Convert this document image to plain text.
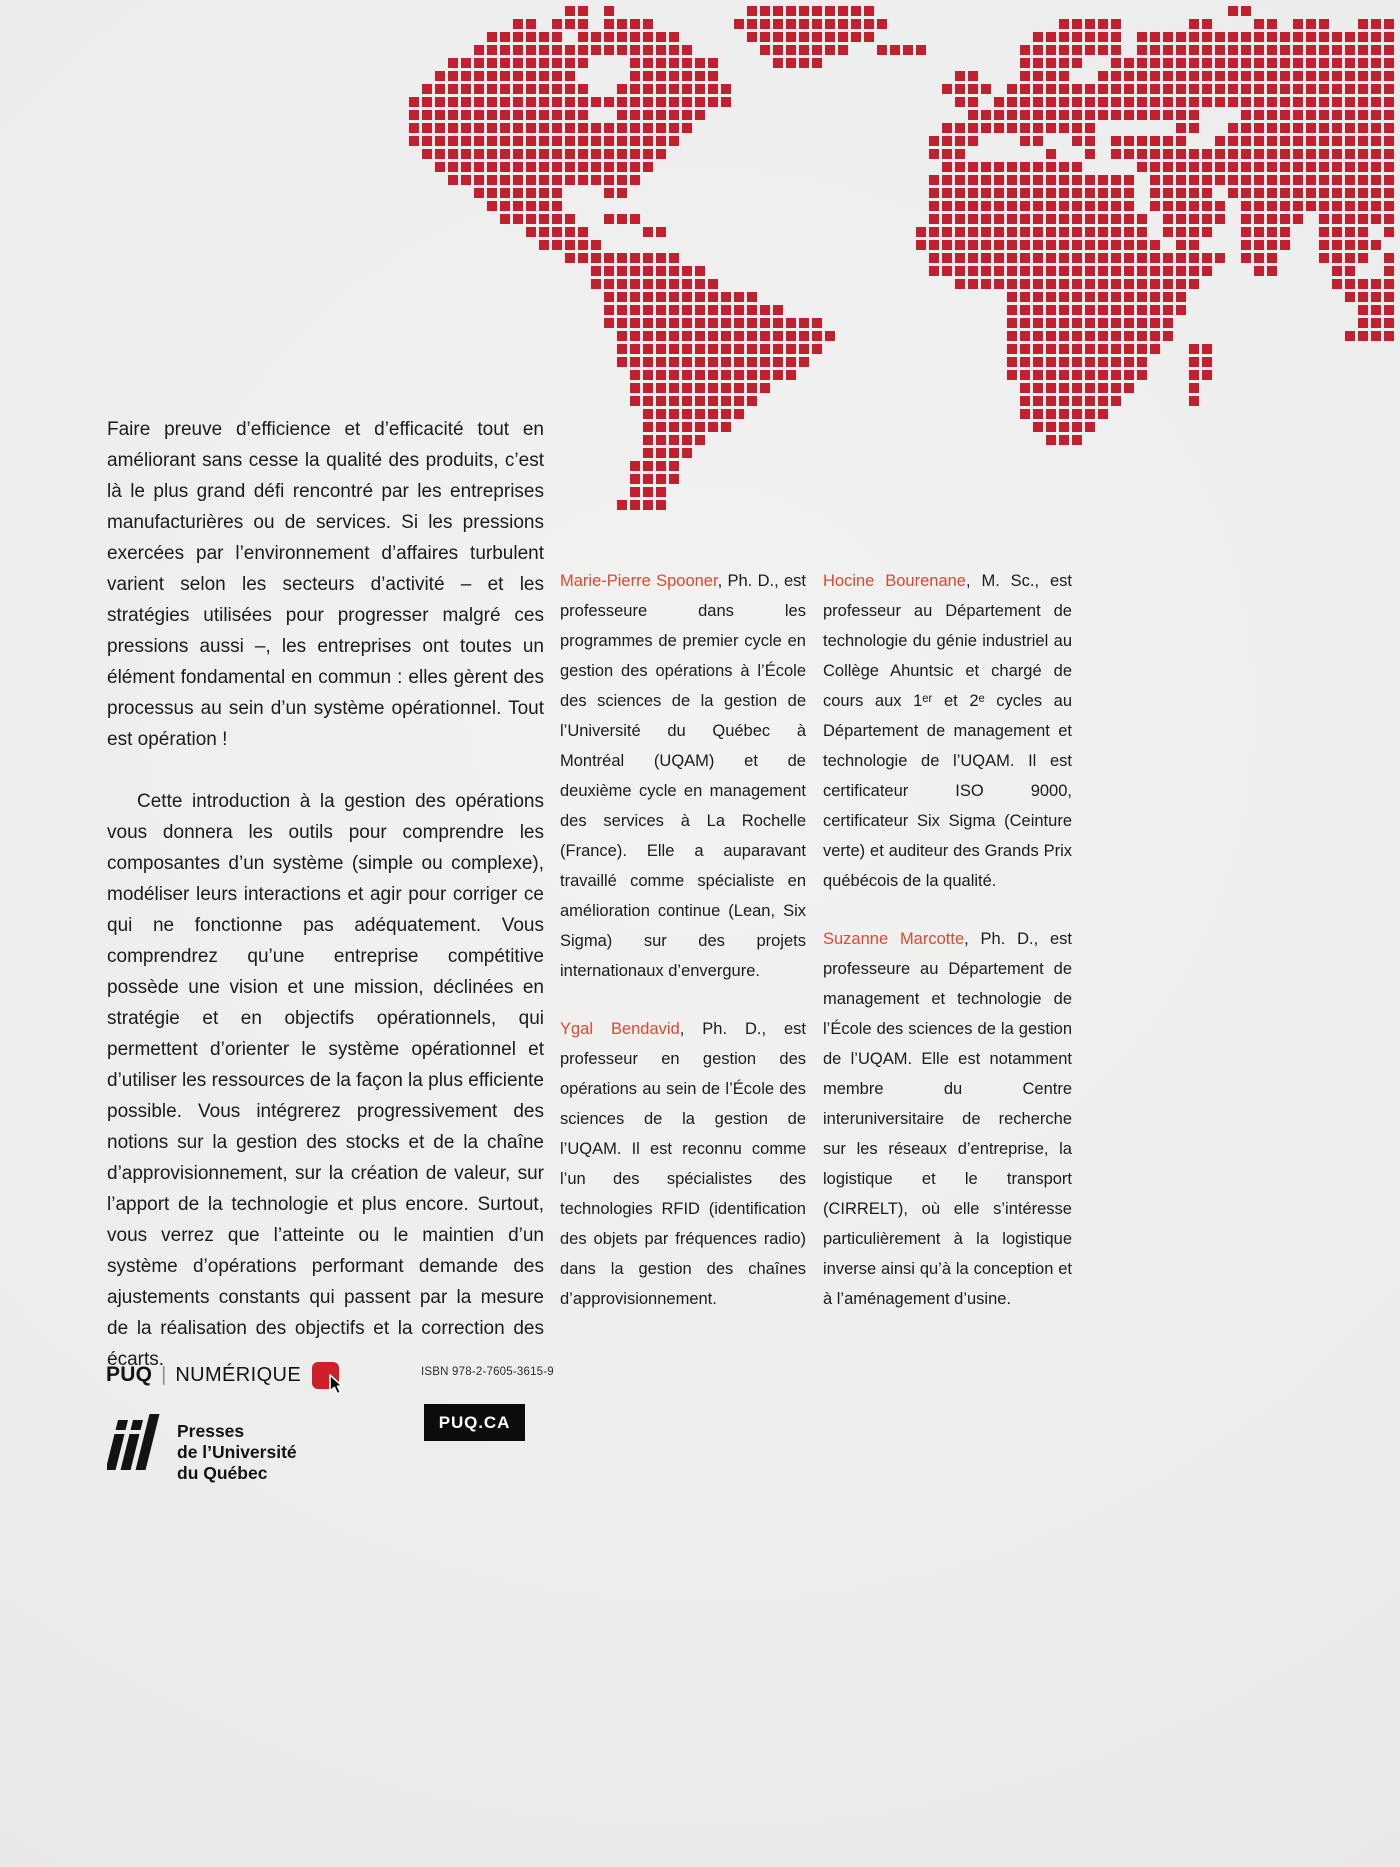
Faire preuve d’efficience et d’efficacité tout en améliorant sans cesse la qualité des produits, c’est là le plus grand défi rencontré par les entreprises manufacturières ou de services. Si les pressions exercées par l’environnement d’affaires turbulent varient selon les secteurs d’activité – et les stratégies utilisées pour progresser malgré ces pressions aussi –, les entreprises ont toutes un élément fondamental en commun : elles gèrent des processus au sein d’un système opérationnel. Tout est opération !

Cette introduction à la gestion des opérations vous donnera les outils pour comprendre les composantes d’un système (simple ou complexe), modéliser leurs interactions et agir pour corriger ce qui ne fonctionne pas adéquatement. Vous comprendrez qu’une entreprise compétitive possède une vision et une mission, déclinées en stratégie et en objectifs opérationnels, qui permettent d’orienter le système opérationnel et d’utiliser les ressources de la façon la plus efficiente possible. Vous intégrerez progressivement des notions sur la gestion des stocks et de la chaîne d’approvisionnement, sur la création de valeur, sur l’apport de la technologie et plus encore. Surtout, vous verrez que l’atteinte ou le maintien d’un système d’opérations performant demande des ajustements constants qui passent par la mesure de la réalisation des objectifs et la correction des écarts.

Marie-Pierre Spooner, Ph. D., est professeure dans les programmes de premier cycle en gestion des opérations à l’École des sciences de la gestion de l’Université du Québec à Montréal (UQAM) et de deuxième cycle en management des services à La Rochelle (France). Elle a auparavant travaillé comme spécialiste en amélioration continue (Lean, Six Sigma) sur des projets internationaux d’envergure.

Ygal Bendavid, Ph. D., est professeur en gestion des opérations au sein de l’École des sciences de la gestion de l’UQAM. Il est reconnu comme l’un des spécialistes des technologies RFID (identification des objets par fréquences radio) dans la gestion des chaînes d’approvisionnement.

Hocine Bourenane, M. Sc., est professeur au Département de technologie du génie industriel au Collège Ahuntsic et chargé de cours aux 1ᵉʳ et 2ᵉ cycles au Département de management et technologie de l’UQAM. Il est certificateur ISO 9000, certificateur Six Sigma (Ceinture verte) et auditeur des Grands Prix québécois de la qualité.

Suzanne Marcotte, Ph. D., est professeure au Département de management et technologie de l’École des sciences de la gestion de l’UQAM. Elle est notamment membre du Centre interuniversitaire de recherche sur les réseaux d’entreprise, la logistique et le transport (CIRRELT), où elle s’intéresse particulièrement à la logistique inverse ainsi qu’à la conception et à l’aménagement d’usine.

PUQ | NUMÉRIQUE
Presses
de l’Université
du Québec
ISBN 978-2-7605-3615-9
PUQ.CA
